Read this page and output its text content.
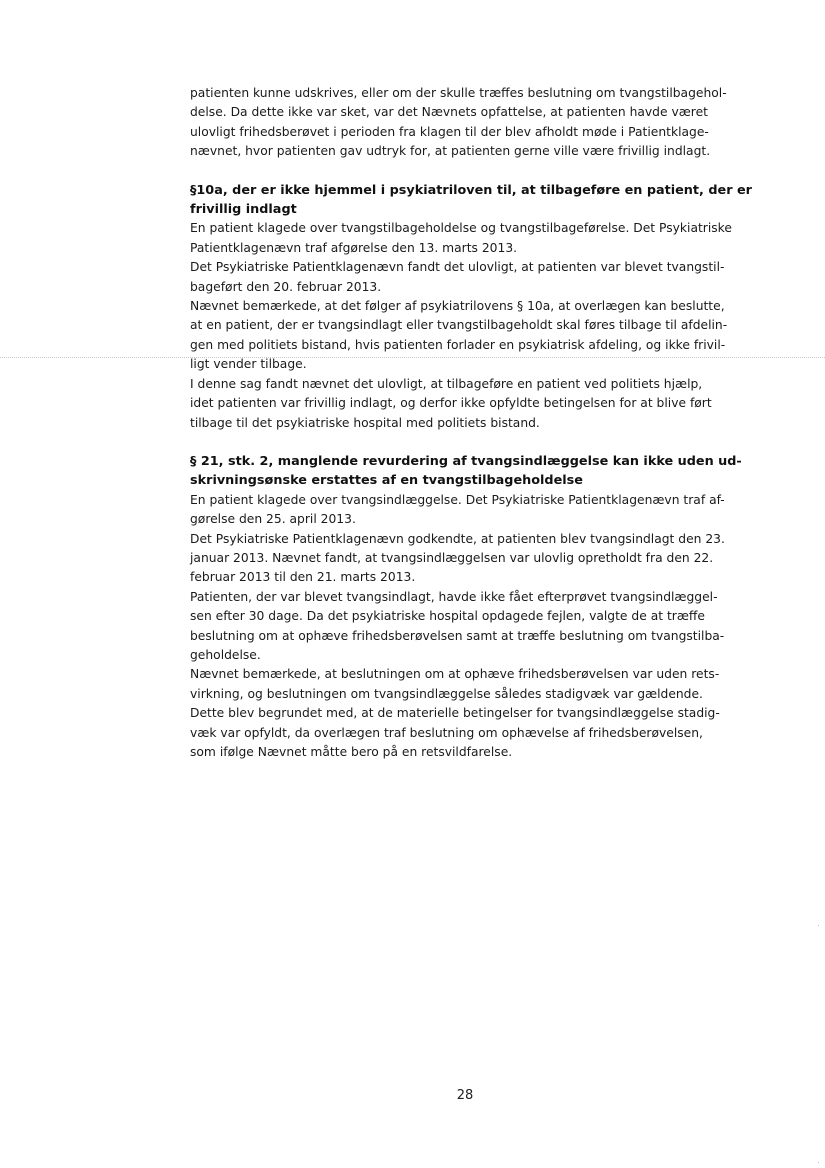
patienten kunne udskrives, eller om der skulle træffes beslutning om tvangstilbagehol-
delse. Da dette ikke var sket, var det Nævnets opfattelse, at patienten havde været
ulovligt frihedsberøvet i perioden fra klagen til der blev afholdt møde i Patientklage-
nævnet, hvor patienten gav udtryk for, at patienten gerne ville være frivillig indlagt.

§10a, der er ikke hjemmel i psykiatriloven til, at tilbageføre en patient, der er
frivillig indlagt

En patient klagede over tvangstilbageholdelse og tvangstilbageførelse. Det Psykiatriske
Patientklagenævn traf afgørelse den 13. marts 2013.
Det Psykiatriske Patientklagenævn fandt det ulovligt, at patienten var blevet tvangstil-
bageført den 20. februar 2013.
Nævnet bemærkede, at det følger af psykiatrilovens § 10a, at overlægen kan beslutte,
at en patient, der er tvangsindlagt eller tvangstilbageholdt skal føres tilbage til afdelin-
gen med politiets bistand, hvis patienten forlader en psykiatrisk afdeling, og ikke frivil-
ligt vender tilbage.
I denne sag fandt nævnet det ulovligt, at tilbageføre en patient ved politiets hjælp,
idet patienten var frivillig indlagt, og derfor ikke opfyldte betingelsen for at blive ført
tilbage til det psykiatriske hospital med politiets bistand.

§ 21, stk. 2, manglende revurdering af tvangsindlæggelse kan ikke uden ud-
skrivningsønske erstattes af en tvangstilbageholdelse

En patient klagede over tvangsindlæggelse. Det Psykiatriske Patientklagenævn traf af-
gørelse den 25. april 2013.
Det Psykiatriske Patientklagenævn godkendte, at patienten blev tvangsindlagt den 23.
januar 2013. Nævnet fandt, at tvangsindlæggelsen var ulovlig opretholdt fra den 22.
februar 2013 til den 21. marts 2013.
Patienten, der var blevet tvangsindlagt, havde ikke fået efterprøvet tvangsindlæggel-
sen efter 30 dage. Da det psykiatriske hospital opdagede fejlen, valgte de at træffe
beslutning om at ophæve frihedsberøvelsen samt at træffe beslutning om tvangstilba-
geholdelse.
Nævnet bemærkede, at beslutningen om at ophæve frihedsberøvelsen var uden rets-
virkning, og beslutningen om tvangsindlæggelse således stadigvæk var gældende.
Dette blev begrundet med, at de materielle betingelser for tvangsindlæggelse stadig-
væk var opfyldt, da overlægen traf beslutning om ophævelse af frihedsberøvelsen,
som ifølge Nævnet måtte bero på en retsvildfarelse.

28
